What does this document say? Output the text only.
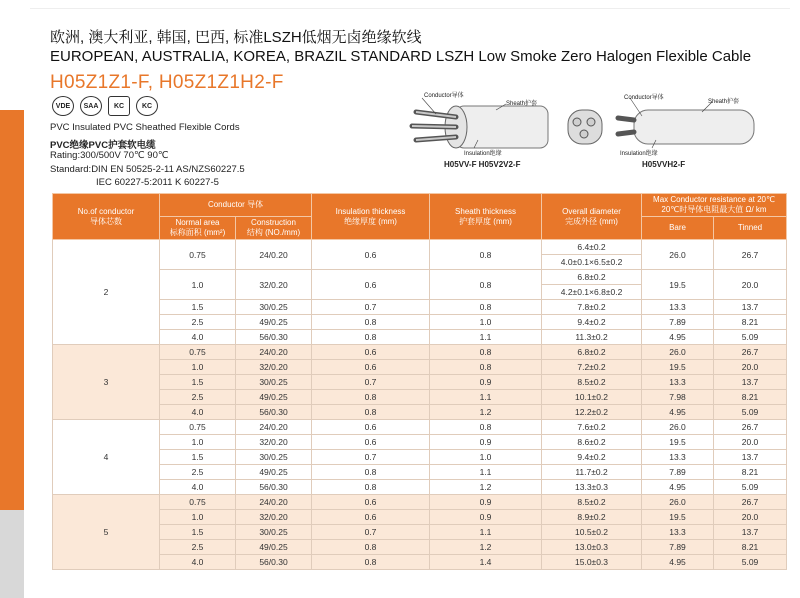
欧洲, 澳大利亚, 韩国, 巴西, 标准LSZH低烟无卤绝缘软线
EUROPEAN, AUSTRALIA, KOREA, BRAZIL STANDARD LSZH Low Smoke Zero Halogen Flexible Cable
H05Z1Z1-F, H05Z1Z1H2-F
VDE	SAA	KC	KC
PVC Insulated PVC Sheathed Flexible Cords
PVC绝缘PVC护套软电缆
Rating:300/500V 70℃ 90℃
Standard:DIN EN 50525-2-11 AS/NZS60227.5
IEC 60227-5:2011 K 60227-5
Conductor导体
Sheath护套
Insulation绝缘
Conductor导体
Sheath护套
Insulation绝缘
H05VV-F H05V2V2-F	H05VVH2-F
No.of conductor
导体芯数	Conductor 导体		Insulation thickness
绝缘厚度 (mm)	Sheath thickness
护套厚度 (mm)	Overall diameter
完成外径 (mm)	Max Conductor resistance at 20℃
20℃时导体电阻最大值 Ω/ km	
	Normal area
标称面积 (mm²)	Construction
结构 (NO./mm)				Bare	Tinned
2	0.75	24/0.20	0.6	0.8	6.4±0.2	26.0	26.7
					4.0±0.1×6.5±0.2		
	1.0	32/0.20	0.6	0.8	6.8±0.2	19.5	20.0
					4.2±0.1×6.8±0.2		
	1.5	30/0.25	0.7	0.8	7.8±0.2	13.3	13.7
	2.5	49/0.25	0.8	1.0	9.4±0.2	7.89	8.21
	4.0	56/0.30	0.8	1.1	11.3±0.2	4.95	5.09
3	0.75	24/0.20	0.6	0.8	6.8±0.2	26.0	26.7
	1.0	32/0.20	0.6	0.8	7.2±0.2	19.5	20.0
	1.5	30/0.25	0.7	0.9	8.5±0.2	13.3	13.7
	2.5	49/0.25	0.8	1.1	10.1±0.2	7.98	8.21
	4.0	56/0.30	0.8	1.2	12.2±0.2	4.95	5.09
4	0.75	24/0.20	0.6	0.8	7.6±0.2	26.0	26.7
	1.0	32/0.20	0.6	0.9	8.6±0.2	19.5	20.0
	1.5	30/0.25	0.7	1.0	9.4±0.2	13.3	13.7
	2.5	49/0.25	0.8	1.1	11.7±0.2	7.89	8.21
	4.0	56/0.30	0.8	1.2	13.3±0.3	4.95	5.09
5	0.75	24/0.20	0.6	0.9	8.5±0.2	26.0	26.7
	1.0	32/0.20	0.6	0.9	8.9±0.2	19.5	20.0
	1.5	30/0.25	0.7	1.1	10.5±0.2	13.3	13.7
	2.5	49/0.25	0.8	1.2	13.0±0.3	7.89	8.21
	4.0	56/0.30	0.8	1.4	15.0±0.3	4.95	5.09
